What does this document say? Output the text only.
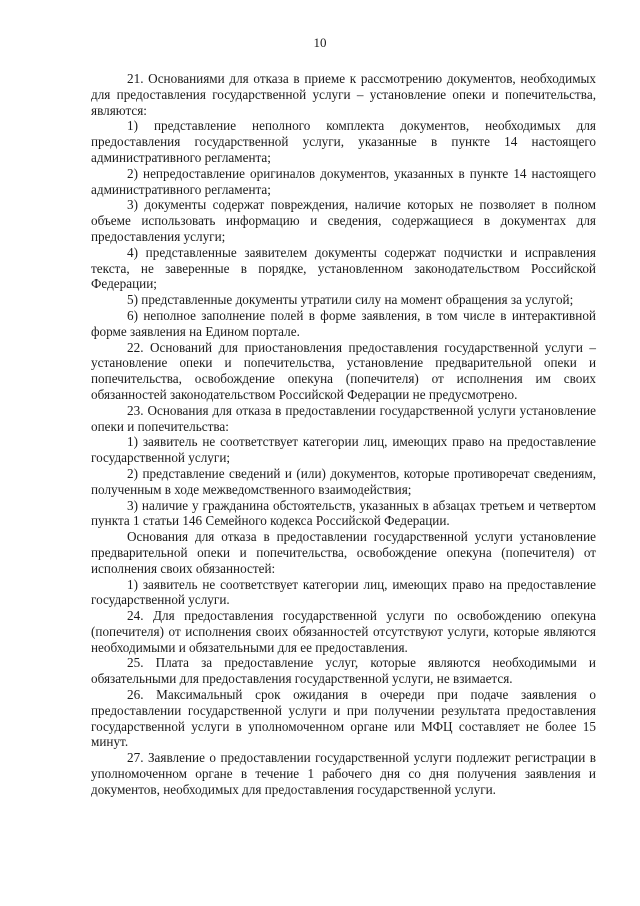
10

21. Основаниями для отказа в приеме к рассмотрению документов, необходимых для предоставления государственной услуги – установление опеки и попечительства, являются:

1) представление неполного комплекта документов, необходимых для предоставления государственной услуги, указанные в пункте 14 настоящего административного регламента;

2) непредоставление оригиналов документов, указанных в пункте 14 настоящего административного регламента;

3) документы содержат повреждения, наличие которых не позволяет в полном объеме использовать информацию и сведения, содержащиеся в документах для предоставления услуги;

4) представленные заявителем документы содержат подчистки и исправления текста, не заверенные в порядке, установленном законодательством Российской Федерации;

5) представленные документы утратили силу на момент обращения за услугой;

6) неполное заполнение полей в форме заявления, в том числе в интерактивной форме заявления на Едином портале.

22. Оснований для приостановления предоставления государственной услуги – установление опеки и попечительства, установление предварительной опеки и попечительства, освобождение опекуна (попечителя) от исполнения им своих обязанностей законодательством Российской Федерации не предусмотрено.

23. Основания для отказа в предоставлении государственной услуги установление опеки и попечительства:

1) заявитель не соответствует категории лиц, имеющих право на предоставление государственной услуги;

2) представление сведений и (или) документов, которые противоречат сведениям, полученным в ходе межведомственного взаимодействия;

3) наличие у гражданина обстоятельств, указанных в абзацах третьем и четвертом пункта 1 статьи 146 Семейного кодекса Российской Федерации.

Основания для отказа в предоставлении государственной услуги установление предварительной опеки и попечительства, освобождение опекуна (попечителя) от исполнения своих обязанностей:

1) заявитель не соответствует категории лиц, имеющих право на предоставление государственной услуги.

24. Для предоставления государственной услуги по освобождению опекуна (попечителя) от исполнения своих обязанностей отсутствуют услуги, которые являются необходимыми и обязательными для ее предоставления.

25. Плата за предоставление услуг, которые являются необходимыми и обязательными для предоставления государственной услуги, не взимается.

26. Максимальный срок ожидания в очереди при подаче заявления о предоставлении государственной услуги и при получении результата предоставления государственной услуги в уполномоченном органе или МФЦ составляет не более 15 минут.

27. Заявление о предоставлении государственной услуги подлежит регистрации в уполномоченном органе в течение 1 рабочего дня со дня получения заявления и документов, необходимых для предоставления государственной услуги.
